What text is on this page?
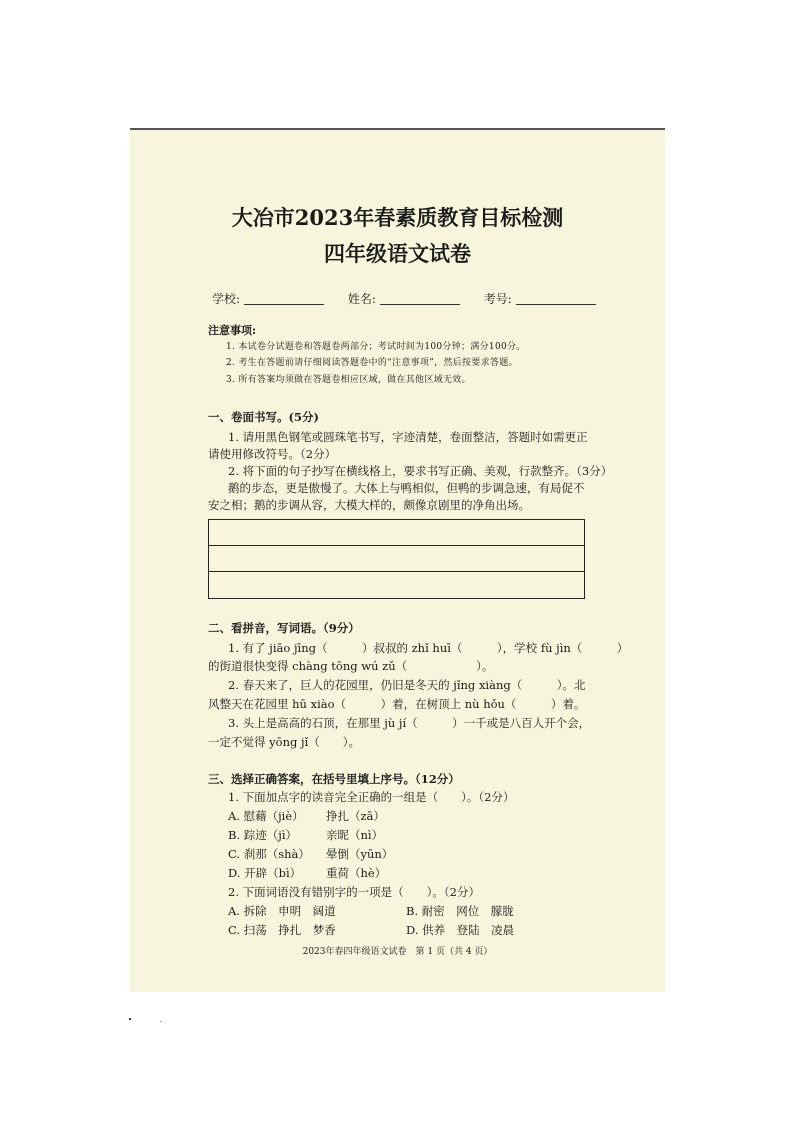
大冶市2023年春素质教育目标检测
四年级语文试卷
学校:	姓名:	考号:
注意事项:
1. 本试卷分试题卷和答题卷两部分；考试时间为100分钟；满分100分。
2. 考生在答题前请仔细阅读答题卷中的“注意事项”，然后按要求答题。
3. 所有答案均须做在答题卷相应区域，做在其他区域无效。
一、卷面书写。(5分)
1. 请用黑色钢笔或圆珠笔书写，字迹清楚，卷面整洁，答题时如需更正
请使用修改符号。（2分）
2. 将下面的句子抄写在横线格上，要求书写正确、美观，行款整齐。（3分）
鹅的步态，更是傲慢了。大体上与鸭相似，但鸭的步调急速，有局促不
安之相；鹅的步调从容，大模大样的，颇像京剧里的净角出场。
二、看拼音，写词语。（9分）
1. 有了 jiāo jīng（　　　）叔叔的 zhǐ huī（　　　），学校 fù jìn（　　　）
的街道很快变得 chàng tōng wú zǔ（　　　　　　）。
2. 春天来了，巨人的花园里，仍旧是冬天的 jǐng xiàng（　　　）。北
风整天在花园里 hū xiào（　　　）着，在树顶上 nù hǒu（　　　）着。
3. 头上是高高的石顶，在那里 jù jí（　　　）一千或是八百人开个会，
一定不觉得 yōng jǐ（　　）。
三、选择正确答案，在括号里填上序号。（12分）
1. 下面加点字的读音完全正确的一组是（　　）。（2分）
A. 慰藉（jiè） 挣扎（zā）
B. 踪迹（jì）	亲昵（nì）
C. 刹那（shà） 晕倒（yūn）
D. 开辟（bì） 重荷（hè）
2. 下面词语没有错别字的一项是（　　）。（2分）
A. 拆除　申明　阔道	B. 耐密　网位　朦胧
C. 扫荡　挣扎　梦香	D. 供养　登陆　凌晨
2023年春四年级语文试卷　第 1 页（共 4 页）
